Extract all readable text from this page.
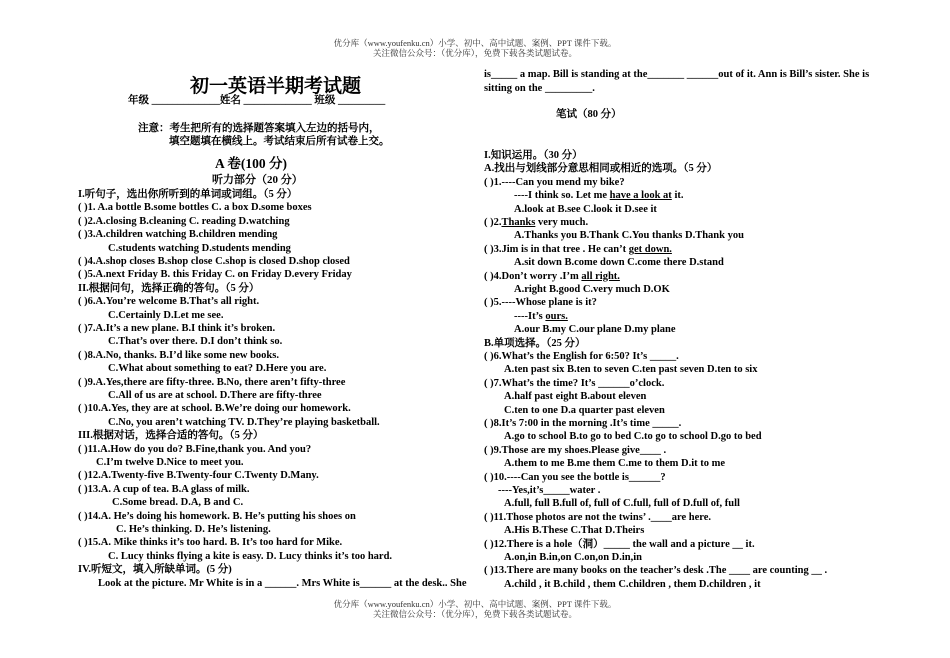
优分库（www.youfenku.cn）小学、初中、高中试题、案例、PPT 课件下载。
关注微信公众号：（优分库），免费下载各类试题试卷。
初一英语半期考试题
年级 _____________姓名 _____________ 班级 _________
注意：考生把所有的选择题答案填入左边的括号内，
填空题填在横线上。考试结束后所有试卷上交。
A 卷(100 分)
听力部分（20 分）
I.听句子，选出你所听到的单词或词组。（5 分）
( )1. A.a bottle B.some bottles C. a box D.some boxes
( )2.A.closing B.cleaning C. reading D.watching
( )3.A.children watching B.children mending
C.students watching D.students mending
( )4.A.shop closes B.shop close C.shop is closed D.shop closed
( )5.A.next Friday B. this Friday C. on Friday D.every Friday
II.根据问句，选择正确的答句。（5 分）
( )6.A.You’re welcome B.That’s all right.
C.Certainly D.Let me see.
( )7.A.It’s a new plane. B.I think it’s broken.
C.That’s over there. D.I don’t think so.
( )8.A.No, thanks. B.I’d like some new books.
C.What about something to eat? D.Here you are.
( )9.A.Yes,there are fifty-three. B.No, there aren’t fifty-three
C.All of us are at school. D.There are fifty-three
( )10.A.Yes, they are at school. B.We’re doing our homework.
C.No, you aren’t watching TV. D.They’re playing basketball.
III.根据对话，选择合适的答句。（5 分）
( )11.A.How do you do? B.Fine,thank you. And you?
C.I’m twelve D.Nice to meet you.
( )12.A.Twenty-five B.Twenty-four C.Twenty D.Many.
( )13.A. A cup of tea. B.A glass of milk.
C.Some bread. D.A, B and C.
( )14.A. He’s doing his homework. B. He’s putting his shoes on
C. He’s thinking. D. He’s listening.
( )15.A. Mike thinks it’s too hard. B. It’s too hard for Mike.
C. Lucy thinks flying a kite is easy. D. Lucy thinks it’s too hard.
IV.听短文，填入所缺单词。(5 分)
Look at the picture. Mr White is in a ______. Mrs White is______ at the desk.. She
is_____ a map. Bill is standing at the_______ ______out of it. Ann is Bill’s sister. She is
sitting on the _________.
笔试（80 分）
I.知识运用。（30 分）
A.找出与划线部分意思相同或相近的选项。（5 分）
( )1.----Can you mend my bike?
----I think so. Let me have a look at it.
A.look at B.see C.look it D.see it
( )2.Thanks very much.
A.Thanks you B.Thank C.You thanks D.Thank you
( )3.Jim is in that tree . He can’t get down.
A.sit down B.come down C.come there D.stand
( )4.Don’t worry .I’m all right.
A.right B.good C.very much D.OK
( )5.----Whose plane is it?
----It’s ours.
A.our B.my C.our plane D.my plane
B.单项选择。（25 分）
( )6.What’s the English for 6:50? It’s _____.
A.ten past six B.ten to seven C.ten past seven D.ten to six
( )7.What’s the time? It’s ______o’clock.
A.half past eight B.about eleven
C.ten to one D.a quarter past eleven
( )8.It’s 7:00 in the morning .It’s time _____.
A.go to school B.to go to bed C.to go to school D.go to bed
( )9.Those are my shoes.Please give____ .
A.them to me B.me them C.me to them D.it to me
( )10.----Can you see the bottle is______?
----Yes,it’s_____water .
A.full, full B.full of, full of C.full, full of D.full of, full
( )11.Those photos are not the twins’ .____are here.
A.His B.These C.That D.Theirs
( )12.There is a hole（洞）_____ the wall and a picture __ it.
A.on,in B.in,on C.on,on D.in,in
( )13.There are many books on the teacher’s desk .The ____ are counting __ .
A.child , it B.child , them C.children , them D.children , it
优分库（www.youfenku.cn）小学、初中、高中试题、案例、PPT 课件下载。
关注微信公众号：（优分库），免费下载各类试题试卷。
